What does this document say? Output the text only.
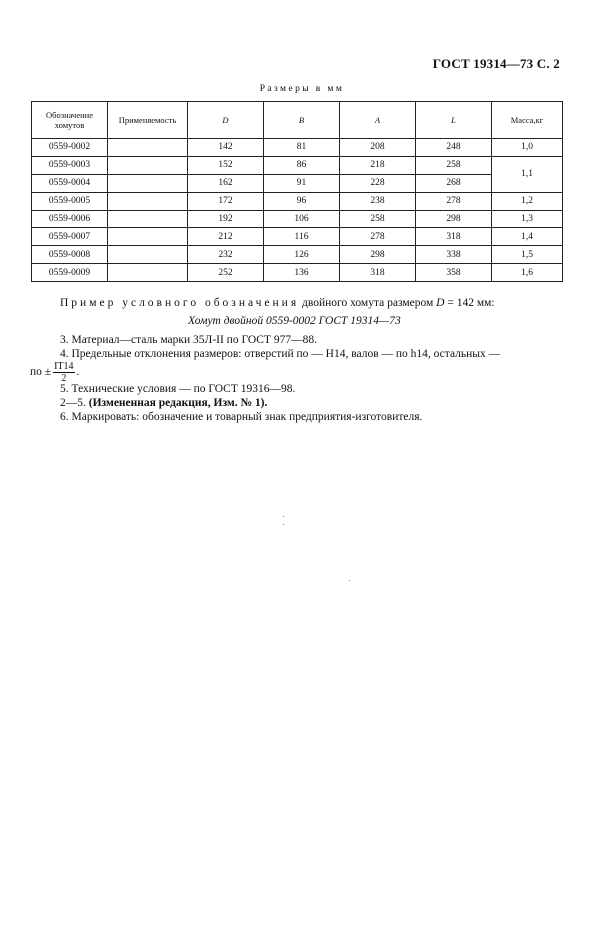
ГОСТ 19314—73 С. 2
Размеры в мм
Обозначение хомутов	Применяемость	D	B	A	L	Масса,кг
0559-0002		142	81	208	248	1,0
0559-0003		152	86	218	258	1,1
0559-0004		162	91	228	268	
0559-0005		172	96	238	278	1,2
0559-0006		192	106	258	298	1,3
0559-0007		212	116	278	318	1,4
0559-0008		232	126	298	338	1,5
0559-0009		252	136	318	358	1,6
Пример условного обозначения двойного хомута размером D = 142 мм:
Хомут двойной 0559-0002 ГОСТ 19314—73
3. Материал—сталь марки 35Л-II по ГОСТ 977—88.
4. Предельные отклонения размеров: отверстий по — Н14, валов — по h14, остальных —
по ± $\frac{IT14}{2}$ .
5. Технические условия — по ГОСТ 19316—98.
2—5. (Измененная редакция, Изм. № 1).
6. Маркировать: обозначение и товарный знак предприятия-изготовителя.
